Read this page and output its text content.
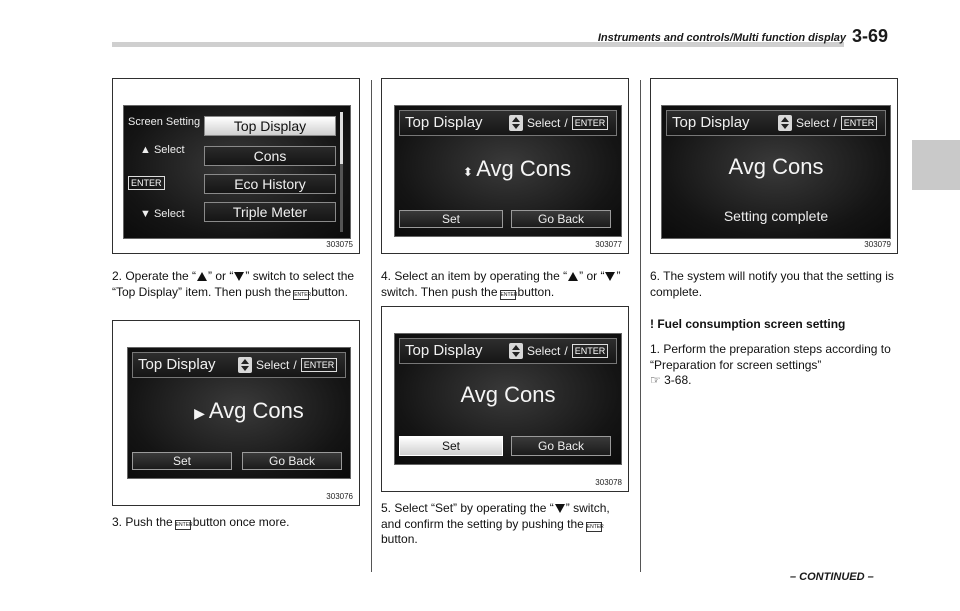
Instruments and controls/Multi function display 3-69
Screen Setting
▲ Select
ENTER
▼ Select
Top Display
Cons
Eco History
Triple Meter
303075
2. Operate the “ ” or “ ” switch to select the “Top Display” item. Then push the ENTERbutton.
Top Display	Select / ENTER
▶ Avg Cons
Set	Go Back
303076
3. Push the ENTERbutton once more.
Top Display	Select / ENTER
⬍ Avg Cons
Set	Go Back
303077
4. Select an item by operating the “ ” or “ ” switch. Then push the ENTERbutton.
Top Display	Select / ENTER
Avg Cons
Set	Go Back
303078
5. Select “Set” by operating the “ ” switch, and confirm the setting by pushing the ENTERbutton.
Top Display	Select / ENTER
Avg Cons
Setting complete
303079
6. The system will notify you that the setting is complete.
! Fuel consumption screen setting
1. Perform the preparation steps according to “Preparation for screen settings”
☞ 3-68.
– CONTINUED –
